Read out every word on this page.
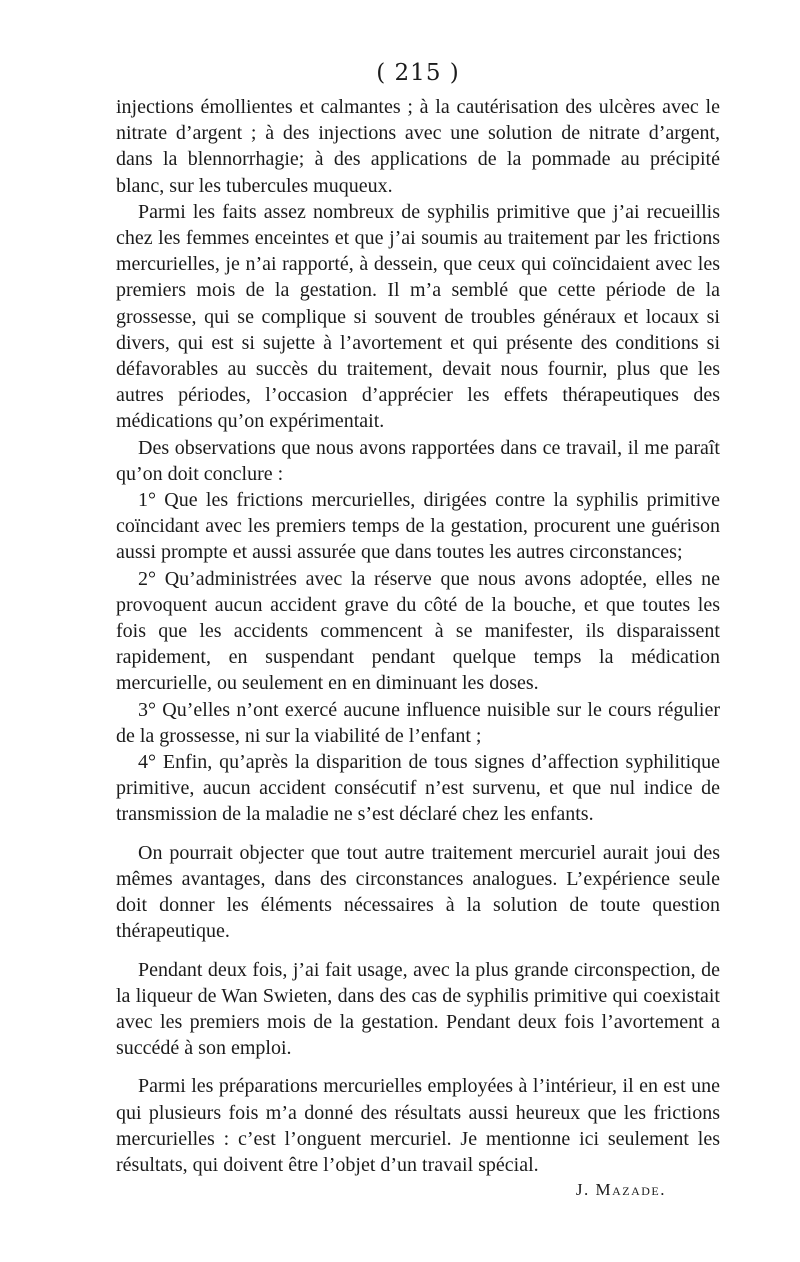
( 215 )

injections émollientes et calmantes ; à la cautérisation des ulcères avec le nitrate d’argent ; à des injections avec une solution de nitrate d’argent, dans la blennorrhagie; à des applications de la pommade au précipité blanc, sur les tubercules muqueux.

Parmi les faits assez nombreux de syphilis primitive que j’ai recueillis chez les femmes enceintes et que j’ai soumis au traitement par les frictions mercurielles, je n’ai rapporté, à dessein, que ceux qui coïncidaient avec les premiers mois de la gestation. Il m’a semblé que cette période de la grossesse, qui se complique si souvent de troubles généraux et locaux si divers, qui est si sujette à l’avortement et qui présente des conditions si défavorables au succès du traitement, devait nous fournir, plus que les autres périodes, l’occasion d’apprécier les effets thérapeutiques des médications qu’on expérimentait.

Des observations que nous avons rapportées dans ce travail, il me paraît qu’on doit conclure :

1° Que les frictions mercurielles, dirigées contre la syphilis primitive coïncidant avec les premiers temps de la gestation, procurent une guérison aussi prompte et aussi assurée que dans toutes les autres circonstances;

2° Qu’administrées avec la réserve que nous avons adoptée, elles ne provoquent aucun accident grave du côté de la bouche, et que toutes les fois que les accidents commencent à se manifester, ils disparaissent rapidement, en suspendant pendant quelque temps la médication mercurielle, ou seulement en en diminuant les doses.

3° Qu’elles n’ont exercé aucune influence nuisible sur le cours régulier de la grossesse, ni sur la viabilité de l’enfant ;

4° Enfin, qu’après la disparition de tous signes d’affection syphilitique primitive, aucun accident consécutif n’est survenu, et que nul indice de transmission de la maladie ne s’est déclaré chez les enfants.

On pourrait objecter que tout autre traitement mercuriel aurait joui des mêmes avantages, dans des circonstances analogues. L’expérience seule doit donner les éléments nécessaires à la solution de toute question thérapeutique.

Pendant deux fois, j’ai fait usage, avec la plus grande circonspection, de la liqueur de Wan Swieten, dans des cas de syphilis primitive qui coexistait avec les premiers mois de la gestation. Pendant deux fois l’avortement a succédé à son emploi.

Parmi les préparations mercurielles employées à l’intérieur, il en est une qui plusieurs fois m’a donné des résultats aussi heureux que les frictions mercurielles : c’est l’onguent mercuriel. Je mentionne ici seulement les résultats, qui doivent être l’objet d’un travail spécial.

J. Mazade.
